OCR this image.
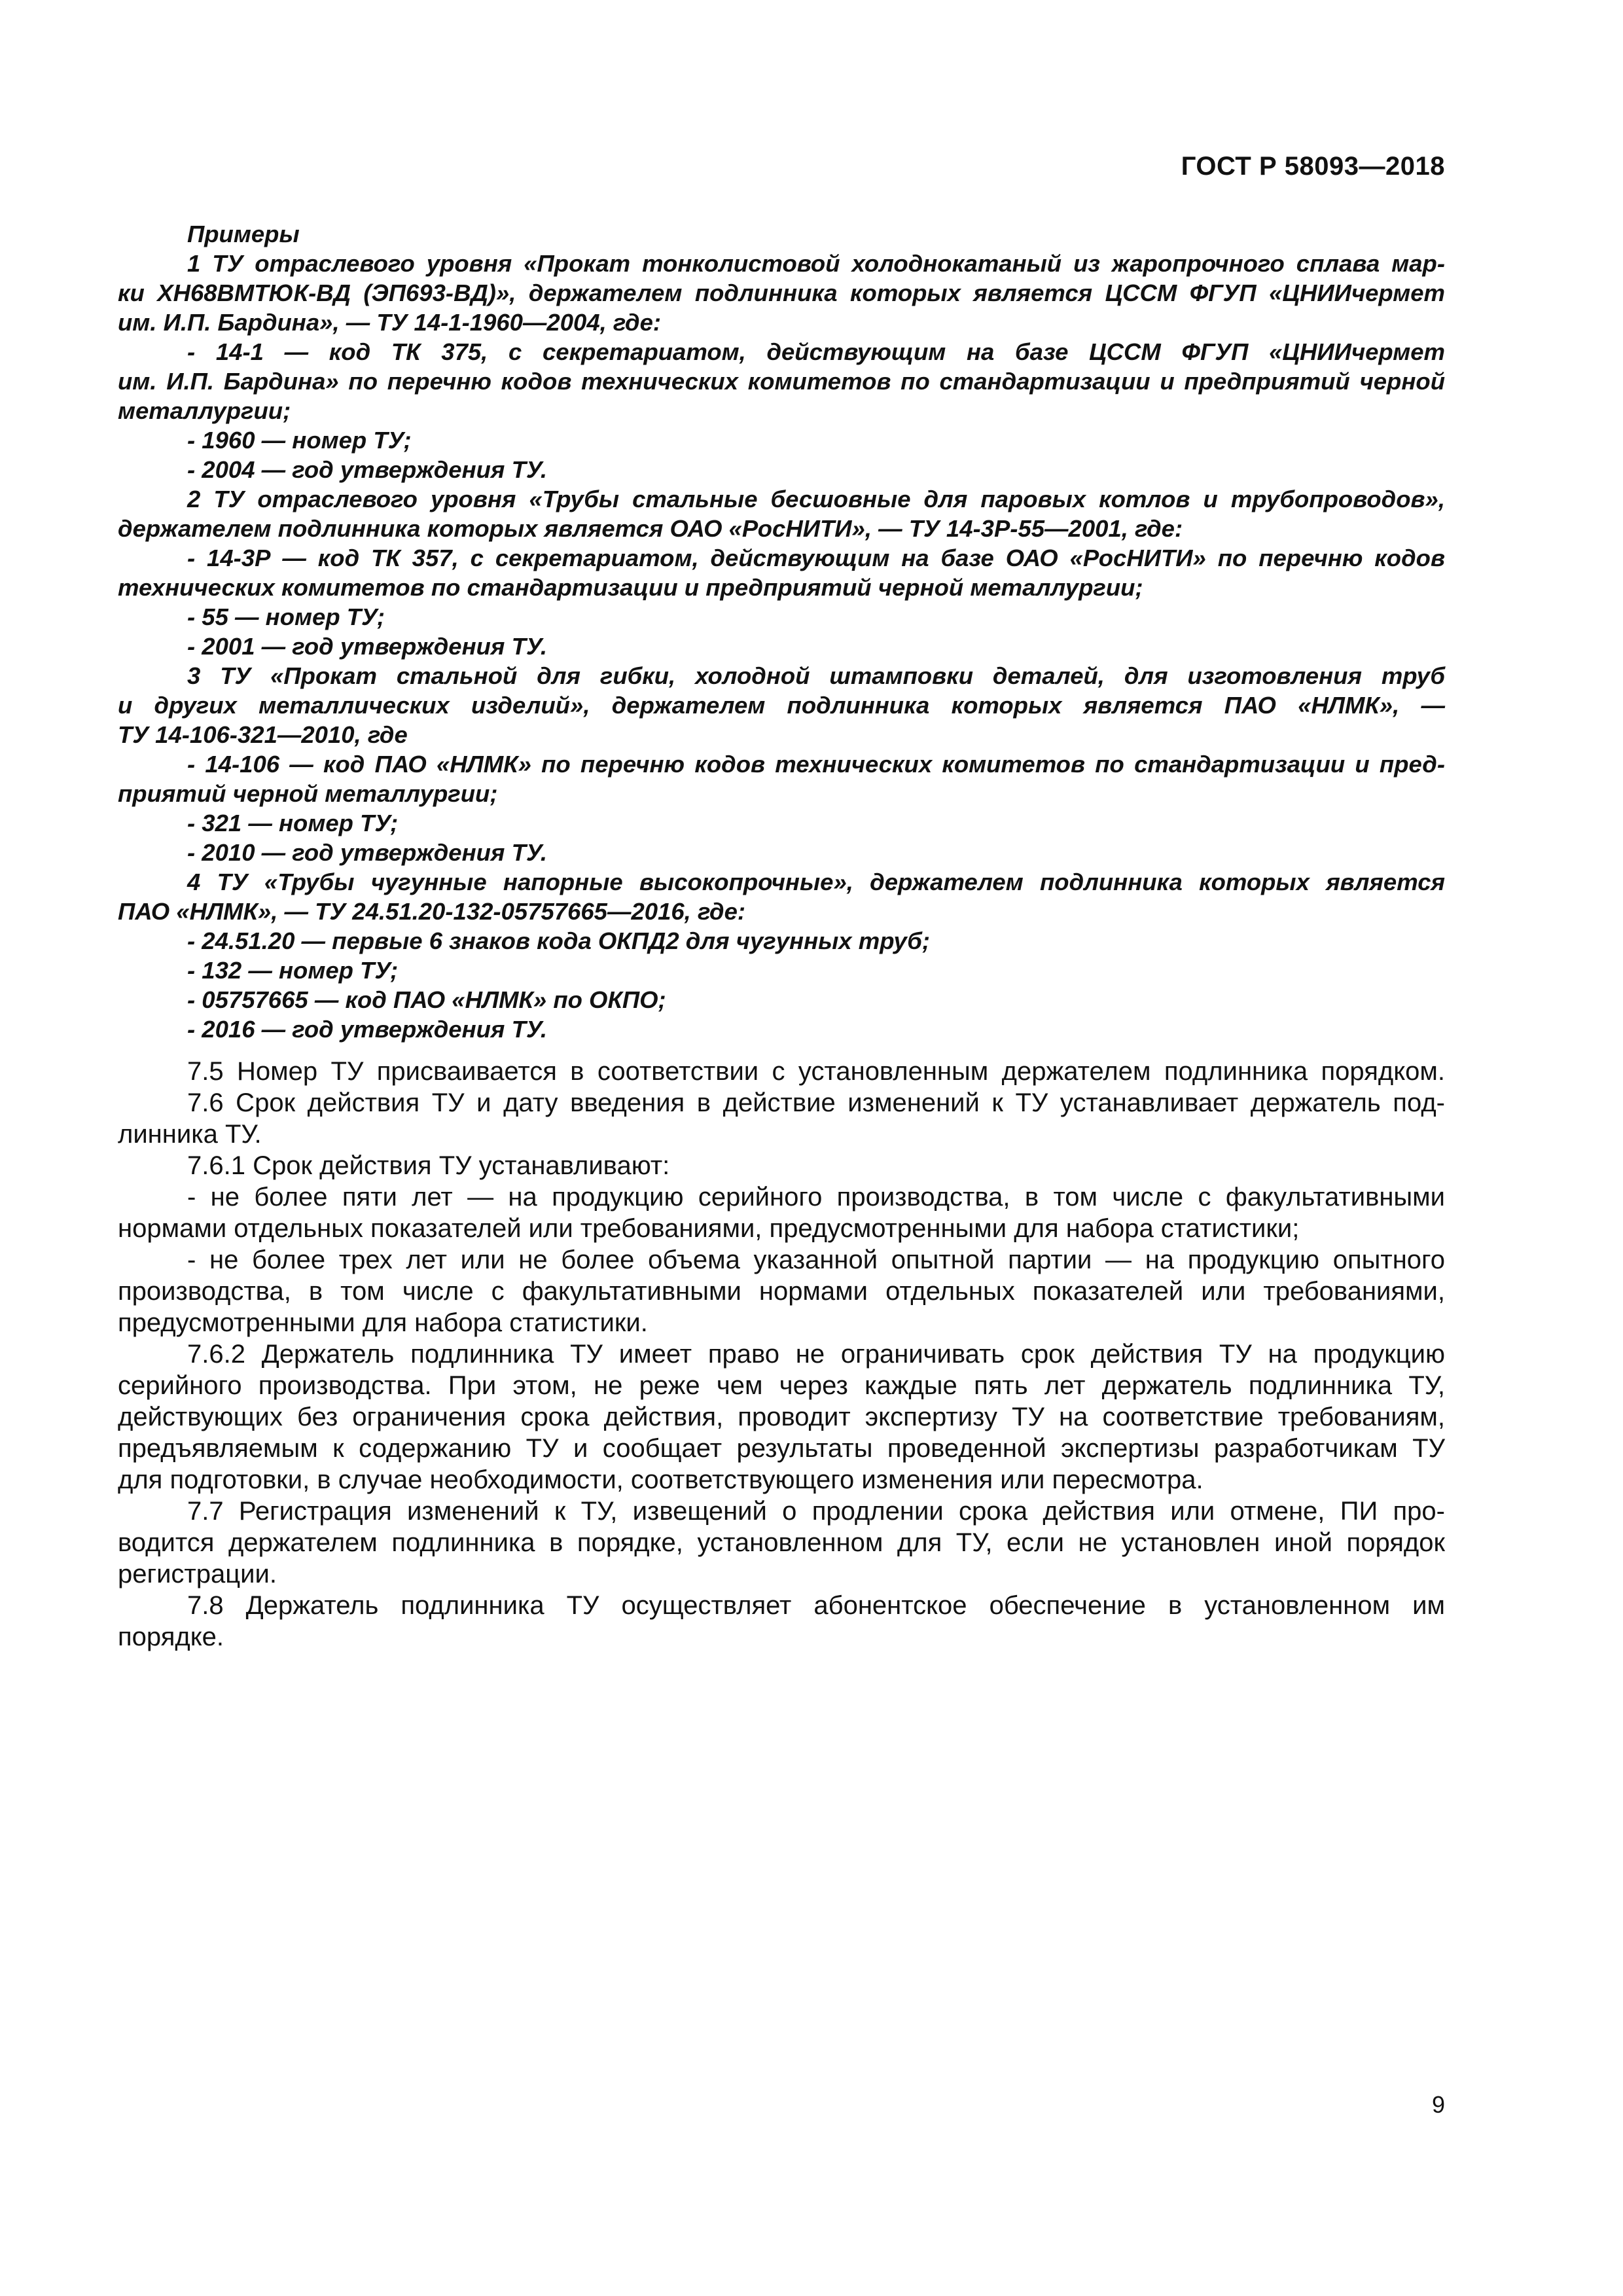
ГОСТ Р 58093—2018
Примеры
1 ТУ отраслевого уровня «Прокат тонколистовой холоднокатаный из жаропрочного сплава мар-
ки ХН68ВМТЮК-ВД (ЭП693-ВД)», держателем подлинника которых является ЦССМ ФГУП «ЦНИИчермет
им. И.П. Бардина», — ТУ 14-1-1960—2004, где:
- 14-1 — код ТК 375, с секретариатом, действующим на базе ЦССМ ФГУП «ЦНИИчермет
им. И.П. Бардина» по перечню кодов технических комитетов по стандартизации и предприятий черной
металлургии;
- 1960 — номер ТУ;
- 2004 — год утверждения ТУ.
2 ТУ отраслевого уровня «Трубы стальные бесшовные для паровых котлов и трубопроводов»,
держателем подлинника которых является ОАО «РосНИТИ», — ТУ 14-3Р-55—2001, где:
- 14-3Р — код ТК 357, с секретариатом, действующим на базе ОАО «РосНИТИ» по перечню кодов
технических комитетов по стандартизации и предприятий черной металлургии;
- 55 — номер ТУ;
- 2001 — год утверждения ТУ.
3 ТУ «Прокат стальной для гибки, холодной штамповки деталей, для изготовления труб
и других металлических изделий», держателем подлинника которых является ПАО «НЛМК», —
ТУ 14-106-321—2010, где
- 14-106 — код ПАО «НЛМК» по перечню кодов технических комитетов по стандартизации и пред-
приятий черной металлургии;
- 321 — номер ТУ;
- 2010 — год утверждения ТУ.
4 ТУ «Трубы чугунные напорные высокопрочные», держателем подлинника которых является
ПАО «НЛМК», — ТУ 24.51.20-132-05757665—2016, где:
- 24.51.20 — первые 6 знаков кода ОКПД2 для чугунных труб;
- 132 — номер ТУ;
- 05757665 — код ПАО «НЛМК» по ОКПО;
- 2016 — год утверждения ТУ.
7.5 Номер ТУ присваивается в соответствии с установленным держателем подлинника порядком.
7.6 Срок действия ТУ и дату введения в действие изменений к ТУ устанавливает держатель под-
линника ТУ.
7.6.1 Срок действия ТУ устанавливают:
- не более пяти лет — на продукцию серийного производства, в том числе с факультативными
нормами отдельных показателей или требованиями, предусмотренными для набора статистики;
- не более трех лет или не более объема указанной опытной партии — на продукцию опытного
производства, в том числе с факультативными нормами отдельных показателей или требованиями,
предусмотренными для набора статистики.
7.6.2 Держатель подлинника ТУ имеет право не ограничивать срок действия ТУ на продукцию
серийного производства. При этом, не реже чем через каждые пять лет держатель подлинника ТУ,
действующих без ограничения срока действия, проводит экспертизу ТУ на соответствие требованиям,
предъявляемым к содержанию ТУ и сообщает результаты проведенной экспертизы разработчикам ТУ
для подготовки, в случае необходимости, соответствующего изменения или пересмотра.
7.7 Регистрация изменений к ТУ, извещений о продлении срока действия или отмене, ПИ про-
водится держателем подлинника в порядке, установленном для ТУ, если не установлен иной порядок
регистрации.
7.8 Держатель подлинника ТУ осуществляет абонентское обеспечение в установленном им
порядке.
9
